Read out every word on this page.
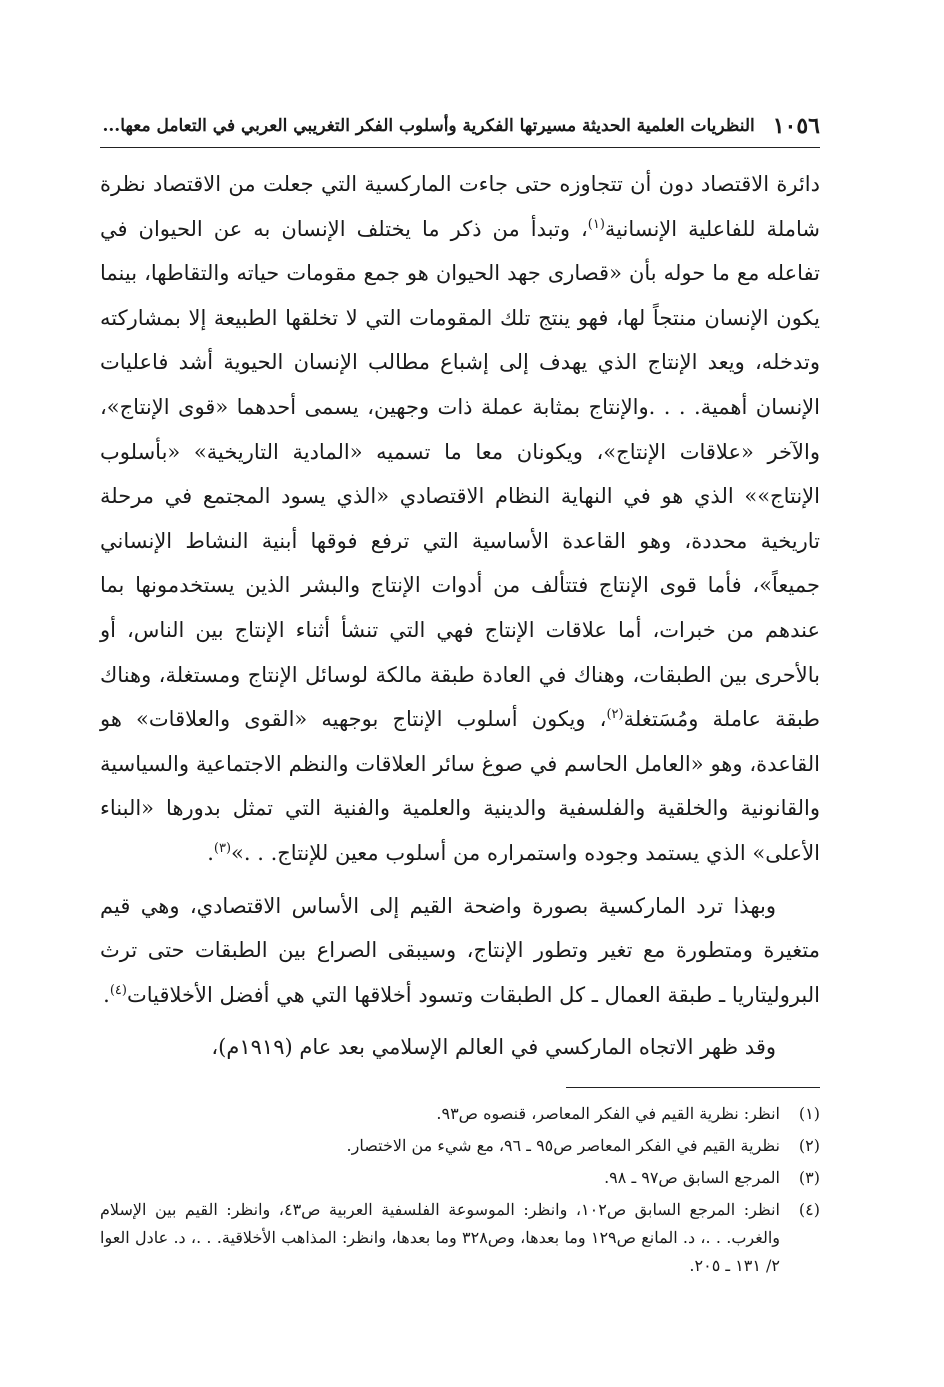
١٠٥٦
النظريات العلمية الحديثة مسيرتها الفكرية وأسلوب الفكر التغريبي العربي في التعامل معها...

دائرة الاقتصاد دون أن تتجاوزه حتى جاءت الماركسية التي جعلت من الاقتصاد نظرة شاملة للفاعلية الإنسانية$^{(١)}$، وتبدأ من ذكر ما يختلف الإنسان به عن الحيوان في تفاعله مع ما حوله بأن «قصارى جهد الحيوان هو جمع مقومات حياته والتقاطها، بينما يكون الإنسان منتجاً لها، فهو ينتج تلك المقومات التي لا تخلقها الطبيعة إلا بمشاركته وتدخله، ويعد الإنتاج الذي يهدف إلى إشباع مطالب الإنسان الحيوية أشد فاعليات الإنسان أهمية. . . .والإنتاج بمثابة عملة ذات وجهين، يسمى أحدهما «قوى الإنتاج»، والآخر «علاقات الإنتاج»، ويكونان معا ما تسميه «المادية التاريخية» «بأسلوب الإنتاج»» الذي هو في النهاية النظام الاقتصادي «الذي يسود المجتمع في مرحلة تاريخية محددة، وهو القاعدة الأساسية التي ترفع فوقها أبنية النشاط الإنساني جميعاً»، فأما قوى الإنتاج فتتألف من أدوات الإنتاج والبشر الذين يستخدمونها بما عندهم من خبرات، أما علاقات الإنتاج فهي التي تنشأ أثناء الإنتاج بين الناس، أو بالأحرى بين الطبقات، وهناك في العادة طبقة مالكة لوسائل الإنتاج ومستغلة، وهناك طبقة عاملة ومُسَتغلة$^{(٢)}$، ويكون أسلوب الإنتاج بوجهيه «القوى والعلاقات» هو القاعدة، وهو «العامل الحاسم في صوغ سائر العلاقات والنظم الاجتماعية والسياسية والقانونية والخلقية والفلسفية والدينية والعلمية والفنية التي تمثل بدورها «البناء الأعلى» الذي يستمد وجوده واستمراره من أسلوب معين للإنتاج. . .»$^{(٣)}$.

وبهذا ترد الماركسية بصورة واضحة القيم إلى الأساس الاقتصادي، وهي قيم متغيرة ومتطورة مع تغير وتطور الإنتاج، وسيبقى الصراع بين الطبقات حتى ترث البروليتاريا ـ طبقة العمال ـ كل الطبقات وتسود أخلاقها التي هي أفضل الأخلاقيات$^{(٤)}$.

وقد ظهر الاتجاه الماركسي في العالم الإسلامي بعد عام (١٩١٩م)،

(١)
انظر: نظرية القيم في الفكر المعاصر، قنصوه ص٩٣.
(٢)
نظرية القيم في الفكر المعاصر ص٩٥ ـ ٩٦، مع شيء من الاختصار.
(٣)
المرجع السابق ص٩٧ ـ ٩٨.
(٤)
انظر: المرجع السابق ص١٠٢، وانظر: الموسوعة الفلسفية العربية ص٤٣، وانظر: القيم بين الإسلام والغرب. . .، د. المانع ص١٢٩ وما بعدها، وص٣٢٨ وما بعدها، وانظر: المذاهب الأخلاقية. . .، د. عادل العوا ٢/ ١٣١ ـ ٢٠٥.
